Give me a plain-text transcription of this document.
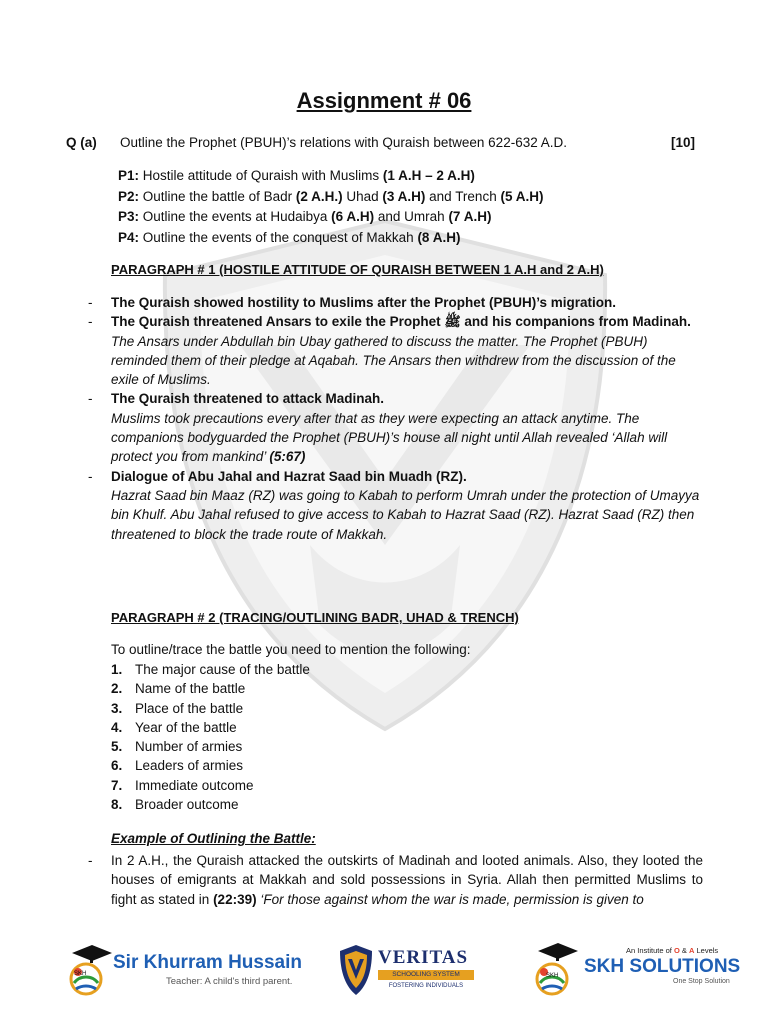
Assignment # 06
Q (a) Outline the Prophet (PBUH)’s relations with Quraish between 622-632 A.D.	[10]
P1: Hostile attitude of Quraish with Muslims (1 A.H – 2 A.H)
P2: Outline the battle of Badr (2 A.H.) Uhad (3 A.H) and Trench (5 A.H)
P3: Outline the events at Hudaibya (6 A.H) and Umrah (7 A.H)
P4: Outline the events of the conquest of Makkah (8 A.H)
PARAGRAPH # 1 (HOSTILE ATTITUDE OF QURAISH BETWEEN 1 A.H and 2 A.H)
- The Quraish showed hostility to Muslims after the Prophet (PBUH)’s migration.
- The Quraish threatened Ansars to exile the Prophet ﷺ and his companions from Madinah.
The Ansars under Abdullah bin Ubay gathered to discuss the matter. The Prophet (PBUH) reminded them of their pledge at Aqabah. The Ansars then withdrew from the discussion of the exile of Muslims.
- The Quraish threatened to attack Madinah.
Muslims took precautions every after that as they were expecting an attack anytime. The companions bodyguarded the Prophet (PBUH)’s house all night until Allah revealed ‘Allah will protect you from mankind’ (5:67)
- Dialogue of Abu Jahal and Hazrat Saad bin Muadh (RZ).
Hazrat Saad bin Maaz (RZ) was going to Kabah to perform Umrah under the protection of Umayya bin Khulf. Abu Jahal refused to give access to Kabah to Hazrat Saad (RZ). Hazrat Saad (RZ) then threatened to block the trade route of Makkah.
PARAGRAPH # 2 (TRACING/OUTLINING BADR, UHAD & TRENCH)
To outline/trace the battle you need to mention the following:
1. The major cause of the battle
2. Name of the battle
3. Place of the battle
4. Year of the battle
5. Number of armies
6. Leaders of armies
7. Immediate outcome
8. Broader outcome
Example of Outlining the Battle:
- In 2 A.H., the Quraish attacked the outskirts of Madinah and looted animals. Also, they looted the houses of emigrants at Makkah and sold possessions in Syria. Allah then permitted Muslims to fight as stated in (22:39) ‘For those against whom the war is made, permission is given to
SKH
Sir Khurram Hussain
Teacher: A child's third parent.
VERITAS
SCHOOLING SYSTEM
FOSTERING INDIVIDUALS
SKH
An Institute of O & A Levels
SKH SOLUTIONS
One Stop Solution
